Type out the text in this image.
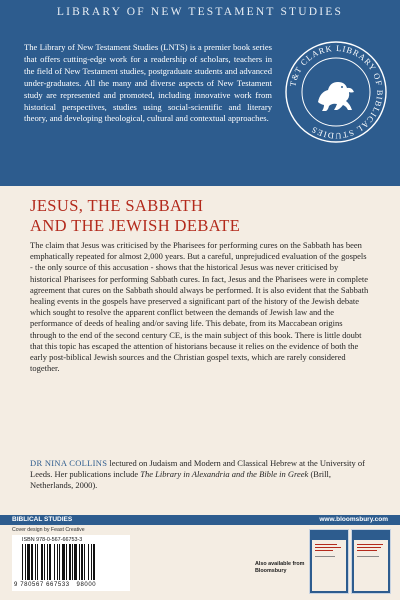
LIBRARY OF NEW TESTAMENT STUDIES
The Library of New Testament Studies (LNTS) is a premier book series that offers cutting-edge work for a readership of scholars, teachers in the field of New Testament studies, postgraduate students and advanced under-graduates. All the many and diverse aspects of New Testament study are represented and promoted, including innovative work from historical perspectives, studies using social-scientific and literary theory, and developing theological, cultural and contextual approaches.
T&T CLARK LIBRARY OF BIBLICAL STUDIES
JESUS, THE SABBATH
AND THE JEWISH DEBATE
The claim that Jesus was criticised by the Pharisees for performing cures on the Sabbath has been emphatically repeated for almost 2,000 years. But a careful, unprejudiced evaluation of the gospels - the only source of this accusation - shows that the historical Jesus was never criticised by historical Pharisees for performing Sabbath cures. In fact, Jesus and the Pharisees were in complete agreement that cures on the Sabbath should always be performed. It is also evident that the Sabbath healing events in the gospels have preserved a significant part of the history of the Jewish debate which sought to resolve the apparent conflict between the demands of Jewish law and the performance of deeds of healing and/or saving life. This debate, from its Maccabean origins through to the end of the second century CE, is the main subject of this book. There is little doubt that this topic has escaped the attention of historians because it relies on the evidence of both the early post-biblical Jewish sources and the Christian gospel texts, which are rarely considered together.
DR NINA COLLINS lectured on Judaism and Modern and Classical Hebrew at the University of Leeds. Her publications include The Library in Alexandria and the Bible in Greek (Brill, Netherlands, 2000).
BIBLICAL STUDIES	www.bloomsbury.com
Cover design by Feast Creative
ISBN 978-0-567-66753-3
9 780567 667533 98000
Also available from Bloomsbury
